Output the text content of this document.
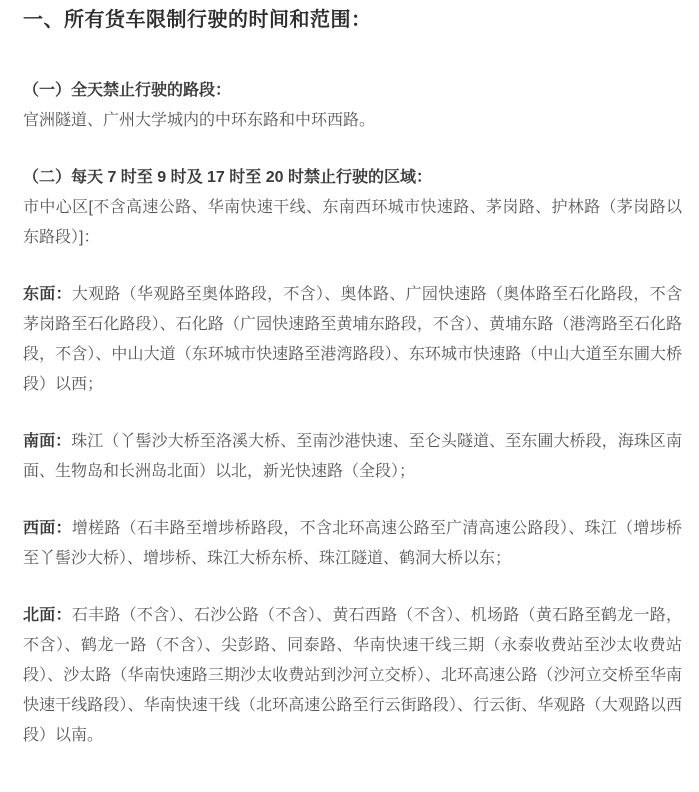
一、所有货车限制行驶的时间和范围：

（一）全天禁止行驶的路段：

官洲隧道、广州大学城内的中环东路和中环西路。

（二）每天 7 时至 9 时及 17 时至 20 时禁止行驶的区域：

市中心区[不含高速公路、华南快速干线、东南西环城市快速路、茅岗路、护林路（茅岗路以东路段）]：

东面：大观路（华观路至奥体路段，不含）、奥体路、广园快速路（奥体路至石化路段，不含茅岗路至石化路段）、石化路（广园快速路至黄埔东路段，不含）、黄埔东路（港湾路至石化路段，不含）、中山大道（东环城市快速路至港湾路段）、东环城市快速路（中山大道至东圃大桥段）以西；

南面：珠江（丫髻沙大桥至洛溪大桥、至南沙港快速、至仑头隧道、至东圃大桥段，海珠区南面、生物岛和长洲岛北面）以北，新光快速路（全段）；

西面：增槎路（石丰路至增埗桥路段，不含北环高速公路至广清高速公路段）、珠江（增埗桥至丫髻沙大桥）、增埗桥、珠江大桥东桥、珠江隧道、鹤洞大桥以东；

北面：石丰路（不含）、石沙公路（不含）、黄石西路（不含）、机场路（黄石路至鹤龙一路，不含）、鹤龙一路（不含）、尖彭路、同泰路、华南快速干线三期（永泰收费站至沙太收费站段）、沙太路（华南快速路三期沙太收费站到沙河立交桥）、北环高速公路（沙河立交桥至华南快速干线路段）、华南快速干线（北环高速公路至行云街路段）、行云街、华观路（大观路以西段）以南。
